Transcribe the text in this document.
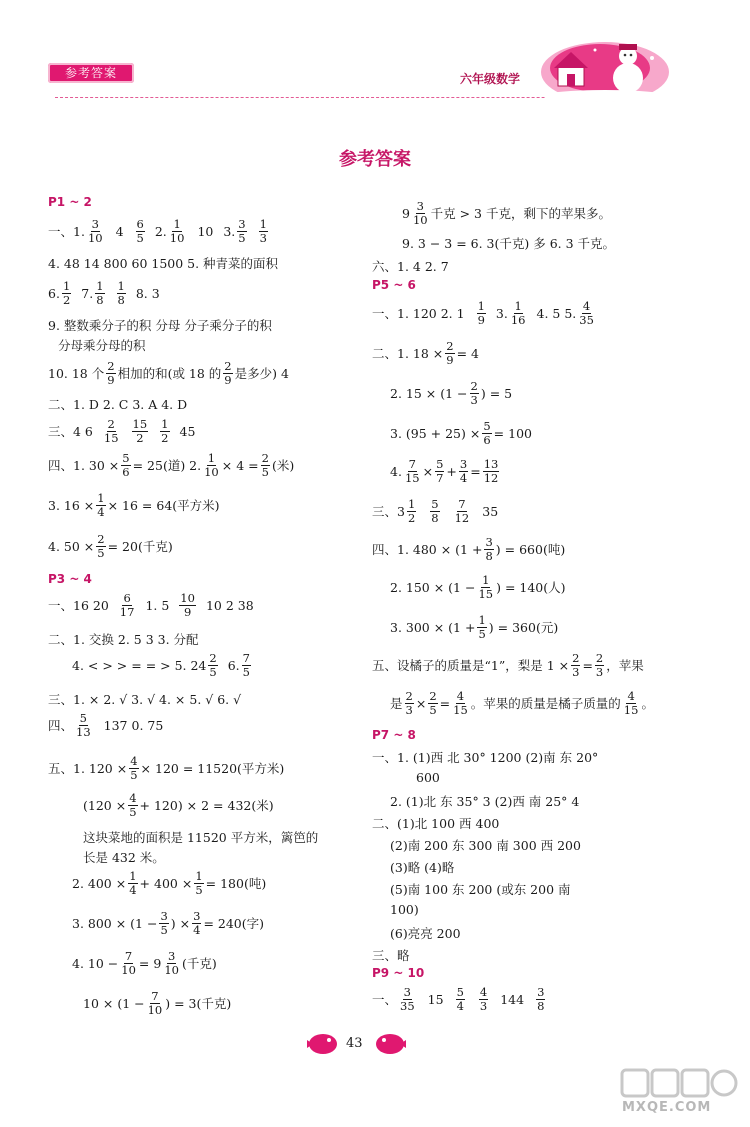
参考答案	六年级数学
参考答案
P1 ~ 2
一、1. $\frac{3}{10} 4 \frac{6}{5} 2$. $\frac{1}{10} 10$ 3. $\frac{3}{5} \frac{1}{3}$
4. 48 14 800 60 1500 5. 种青菜的面积
6. $\frac{1}{2} 7$. $\frac{1}{8} \frac{1}{8} 8$. 3
9. 整数乘分子的积 分母 分子乘分子的积
分母乘分母的积
10. 18 个 $\frac{2}{9}$ 相加的和(或 18 的 $\frac{2}{9}$ 是多少) 4
二、1. D 2. C 3. A 4. D
三、4 $6 \frac{2}{15} \frac{15}{2} \frac{1}{2} 45$
四、1. $30 \times \frac{5}{6} = 25$(道) 2. $\frac{1}{10} \times 4 = \frac{2}{5}$ (米)
3. $16 \times \frac{1}{4} \times 16 = 64$(平方米)
4. $50 \times \frac{2}{5} = 20$(千克)
P3 ~ 4
一、16 $20 \frac{6}{17} 1$. $5 \frac{10}{9} 10$ 2 38
二、1. 交换 2. 5 3 3. 分配
4. < > > = = > 5. $24 \frac{2}{5} 6$. $\frac{7}{5}$
三、1. × 2. √ 3. √ 4. × 5. √ 6. √
四、 $\frac{5}{13} 137$ 0. 75
五、1. $120 \times \frac{4}{5} \times 120 = 11520$(平方米)
$(120 \times \frac{4}{5} + 120) \times 2 = 432$(米)
这块菜地的面积是 11520 平方米，篱笆的
长是 432 米。
2. $400 \times \frac{1}{4} + 400 \times \frac{1}{5} = 180$(吨)
3. $800 \times (1 - \frac{3}{5}$ ) × $\frac{3}{4} = 240$(字)
4. $10 - \frac{7}{10} = 9 \frac{3}{10}$ (千克)
$10 \times (1 - \frac{7}{10}$ ) = 3(千克)
$9 \frac{3}{10}$ 千克 > 3 千克，剩下的苹果多。
9. 3 − 3 = 6. 3(千克) 多 6. 3 千克。
六、1. 4 2. 7
P5 ~ 6
一、1. 120 2. $1 \frac{1}{9} 3$. $\frac{1}{16} 4$. 5 5. $\frac{4}{35}$
二、1. $18 \times \frac{2}{9} = 4$
2. $15 \times (1 - \frac{2}{3}$ ) = 5
3. $(95 + 25) \times \frac{5}{6} = 100$
4. $\frac{7}{15} \times \frac{5}{7} + \frac{3}{4} = \frac{13}{12}$
三、$3 \frac{1}{2} \frac{5}{8} \frac{7}{12} 35$
四、1. $480 \times (1 + \frac{3}{8}$ ) = 660(吨)
2. $150 \times (1 - \frac{1}{15}$ ) = 140(人)
3. $300 \times (1 + \frac{1}{5}$ ) = 360(元)
五、设橘子的质量是“1”，梨是 $1 \times \frac{2}{3} = \frac{2}{3}$ ，苹果
是 $\frac{2}{3} \times \frac{2}{5} = \frac{4}{15}$ 。苹果的质量是橘子质量的 $\frac{4}{15}$ 。
P7 ~ 8
一、1. (1)西 北 30° 1200 (2)南 东 20°
600
2. (1)北 东 35° 3 (2)西 南 25° 4
二、(1)北 100 西 400
(2)南 200 东 300 南 300 西 200
(3)略 (4)略
(5)南 100 东 200 (或东 200 南
100)
(6)亮亮 200
三、略
P9 ~ 10
一、 $\frac{3}{35} 15 \frac{5}{4} \frac{4}{3} 144 \frac{3}{8}$
43
MXQE.COM
